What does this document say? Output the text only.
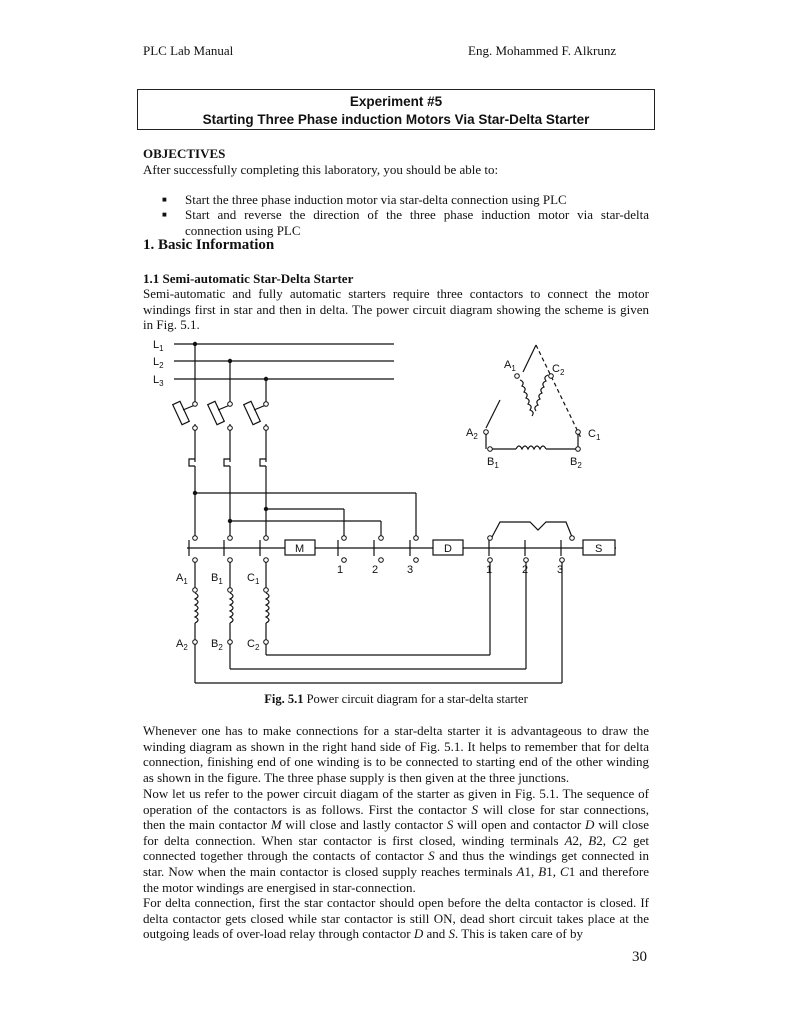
PLC Lab Manual	Eng. Mohammed F. Alkrunz
Experiment #5
Starting Three Phase induction Motors Via Star-Delta Starter
OBJECTIVES
After successfully completing this laboratory, you should be able to:
■ Start the three phase induction motor via star-delta connection using PLC
■ Start and reverse the direction of the three phase induction motor via star-delta connection using PLC
1. Basic Information
1.1 Semi-automatic Star-Delta Starter
Semi-automatic and fully automatic starters require three contactors to connect the motor windings first in star and then in delta. The power circuit diagram showing the scheme is given in Fig. 5.1.
$L_1$
$L_2$
$L_3$
M	D	S
1	2	3	1	2	3
$A_1$ $B_1$ $C_1$
$A_2$ $B_2$ $C_2$
$A_1$	$C_2$
$A_2$	$C_1$
$B_1$	$B_2$
Fig. 5.1 Power circuit diagram for a star-delta starter
Whenever one has to make connections for a star-delta starter it is advantageous to draw the winding diagram as shown in the right hand side of Fig. 5.1. It helps to remember that for delta connection, finishing end of one winding is to be connected to starting end of the other winding as shown in the figure. The three phase supply is then given at the three junctions.
Now let us refer to the power circuit diagam of the starter as given in Fig. 5.1. The sequence of operation of the contactors is as follows. First the contactor S will close for star connections, then the main contactor M will close and lastly contactor S will open and contactor D will close for delta connection. When star contactor is first closed, winding terminals A2, B2, C2 get connected together through the contacts of contactor S and thus the windings get connected in star. Now when the main contactor is closed supply reaches terminals A1, B1, C1 and therefore the motor windings are energised in star-connection.
For delta connection, first the star contactor should open before the delta contactor is closed. If delta contactor gets closed while star contactor is still ON, dead short circuit takes place at the outgoing leads of over-load relay through contactor D and S. This is taken care of by
30
